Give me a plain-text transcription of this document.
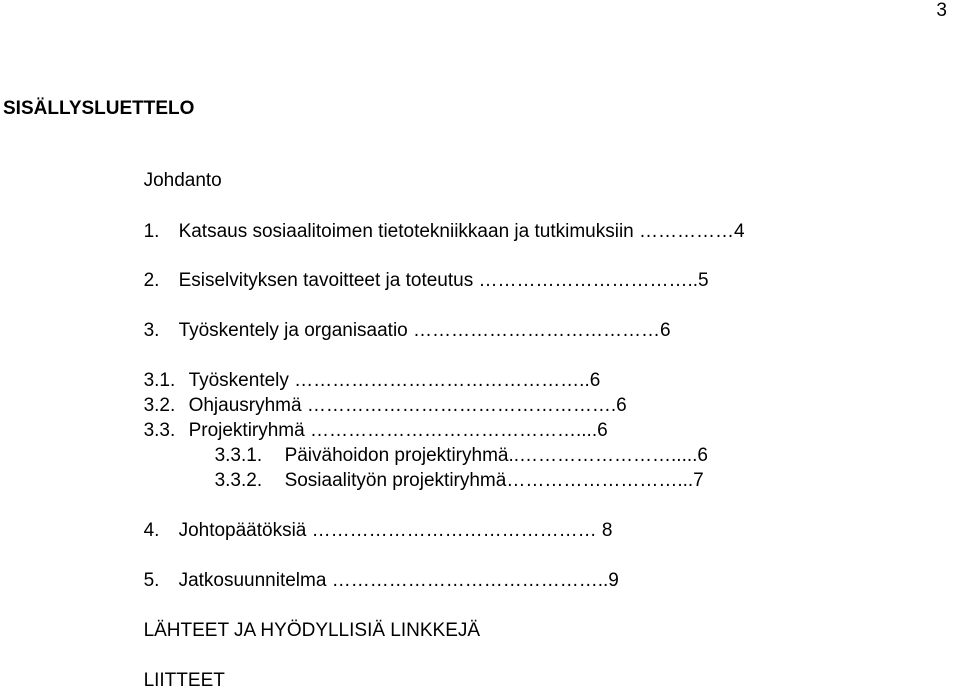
3
SISÄLLYSLUETTELO

Johdanto

1. Katsaus sosiaalitoimen tietotekniikkaan ja tutkimuksiin ……………4

2. Esiselvityksen tavoitteet ja toteutus ……………………………..5

3. Työskentely ja organisaatio …………………………………6

3.1. Työskentely ………………………………………..6

3.2. Ohjausryhmä ………………………………………….6

3.3. Projektiryhmä ……………………………………....6

3.3.1. Päivähoidon projektiryhmä..…………………….....6

3.3.2. Sosiaalityön projektiryhmä………………………...7

4. Johtopäätöksiä ……………………………………… 8

5. Jatkosuunnitelma ……………………………………..9

LÄHTEET JA HYÖDYLLISIÄ LINKKEJÄ

LIITTEET
